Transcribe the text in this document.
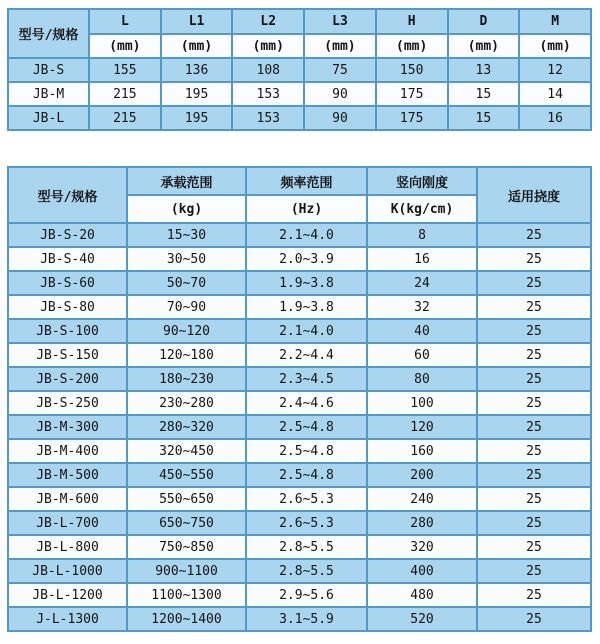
型号/规格	L	L1	L2	L3	H	D	M
	(mm)	(mm)	(mm)	(mm)	(mm)	(mm)	(mm)
JB-S	155	136	108	75	150	13	12
JB-M	215	195	153	90	175	15	14
JB-L	215	195	153	90	175	15	16
型号/规格	承载范围	频率范围	竖向刚度	适用挠度
	(kg)	(Hz)	K(kg/cm)	
JB-S-20	15~30	2.1~4.0	8	25
JB-S-40	30~50	2.0~3.9	16	25
JB-S-60	50~70	1.9~3.8	24	25
JB-S-80	70~90	1.9~3.8	32	25
JB-S-100	90~120	2.1~4.0	40	25
JB-S-150	120~180	2.2~4.4	60	25
JB-S-200	180~230	2.3~4.5	80	25
JB-S-250	230~280	2.4~4.6	100	25
JB-M-300	280~320	2.5~4.8	120	25
JB-M-400	320~450	2.5~4.8	160	25
JB-M-500	450~550	2.5~4.8	200	25
JB-M-600	550~650	2.6~5.3	240	25
JB-L-700	650~750	2.6~5.3	280	25
JB-L-800	750~850	2.8~5.5	320	25
JB-L-1000	900~1100	2.8~5.5	400	25
JB-L-1200	1100~1300	2.9~5.6	480	25
J-L-1300	1200~1400	3.1~5.9	520	25
